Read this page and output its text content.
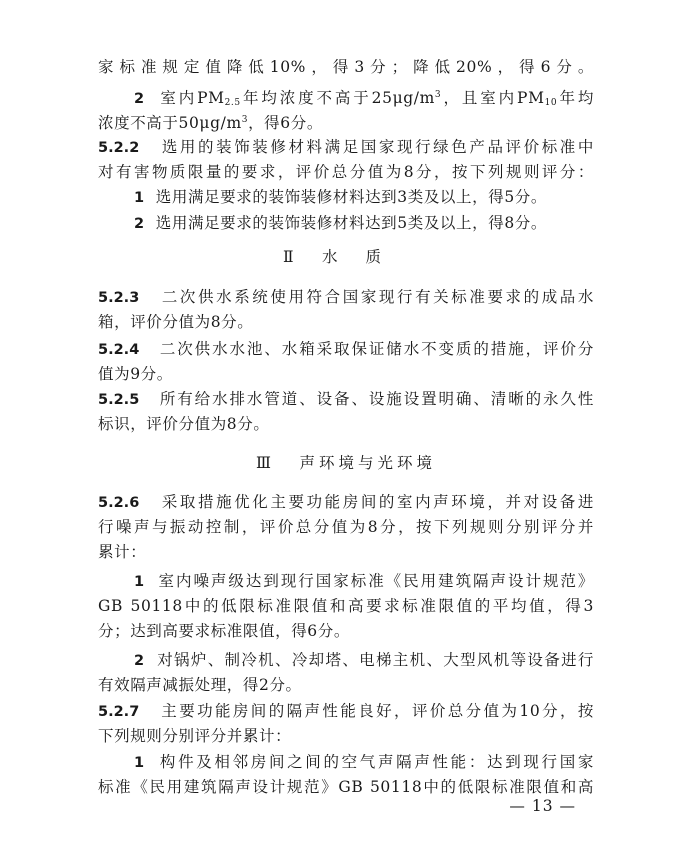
家标准规定值降低10%，得3分；降低20%，得6分。
2 室内$PM_{2.5}$年均浓度不高于$25\mu g/m^3$，且室内$PM_{10}$年均
浓度不高于$50\mu g/m^3$，得6分。
5.2.2 选用的装饰装修材料满足国家现行绿色产品评价标准中
对有害物质限量的要求，评价总分值为8分，按下列规则评分：
1 选用满足要求的装饰装修材料达到3类及以上，得5分。
2 选用满足要求的装饰装修材料达到5类及以上，得8分。
Ⅱ 水质
5.2.3 二次供水系统使用符合国家现行有关标准要求的成品水
箱，评价分值为8分。
5.2.4 二次供水水池、水箱采取保证储水不变质的措施，评价分
值为9分。
5.2.5 所有给水排水管道、设备、设施设置明确、清晰的永久性
标识，评价分值为8分。
Ⅲ 声环境与光环境
5.2.6 采取措施优化主要功能房间的室内声环境，并对设备进
行噪声与振动控制，评价总分值为8分，按下列规则分别评分并
累计：
1 室内噪声级达到现行国家标准《民用建筑隔声设计规范》
GB 50118中的低限标准限值和高要求标准限值的平均值，得3
分；达到高要求标准限值，得6分。
2 对锅炉、制冷机、冷却塔、电梯主机、大型风机等设备进行
有效隔声减振处理，得2分。
5.2.7 主要功能房间的隔声性能良好，评价总分值为10分，按
下列规则分别评分并累计：
1 构件及相邻房间之间的空气声隔声性能：达到现行国家
标准《民用建筑隔声设计规范》GB 50118中的低限标准限值和高
— 13 —
